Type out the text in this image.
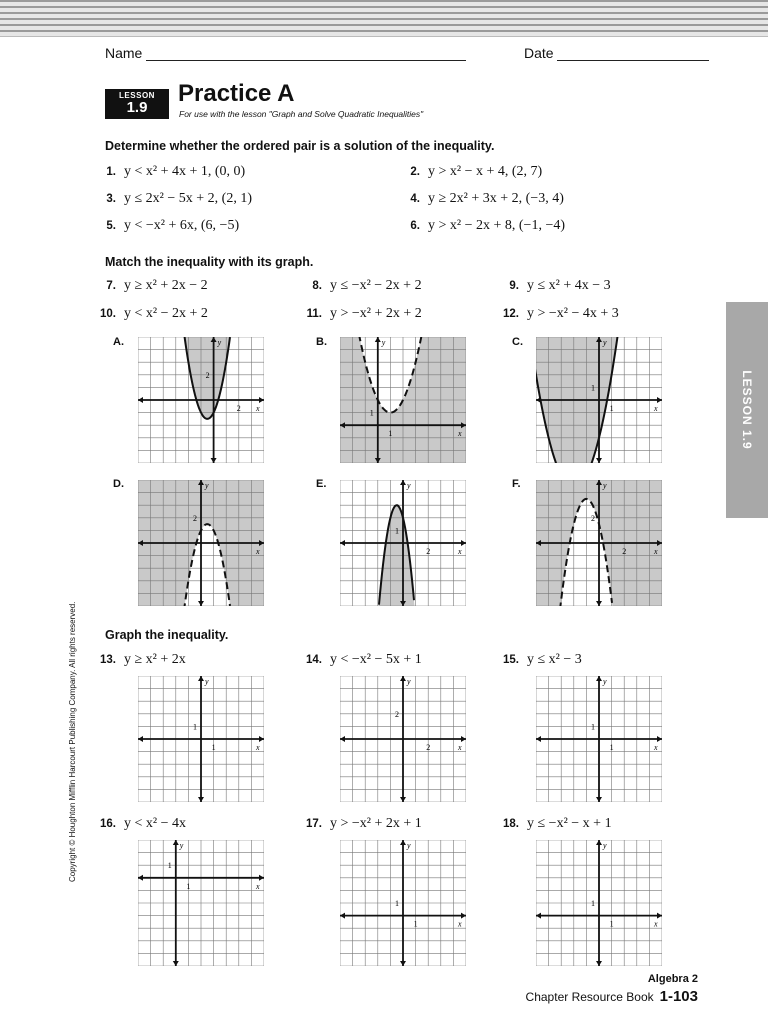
Name	Date
LESSON
1.9
Practice A
For use with the lesson "Graph and Solve Quadratic Inequalities"
Determine whether the ordered pair is a solution of the inequality.
Match the inequality with its graph.
Graph the inequality.
1. y < x² + 4x + 1, (0, 0)	2. y > x² − x + 4, (2, 7)
3. y ≤ 2x² − 5x + 2, (2, 1)	4. y ≥ 2x² + 3x + 2, (−3, 4)
5. y < −x² + 6x, (6, −5)	6. y > x² − 2x + 8, (−1, −4)
7. y ≥ x² + 2x − 2	8. y ≤ −x² − 2x + 2	9. y ≤ x² + 4x − 3
10. y < x² − 2x + 2	11. y > −x² + 2x + 2	12. y > −x² − 4x + 3
13. y ≥ x² + 2x	14. y < −x² − 5x + 1	15. y ≤ x² − 3
16. y < x² − 4x	17. y > −x² + 2x + 1	18. y ≤ −x² − x + 1
A.	B.	C.
D.	E.	F.
x
y
2
2
x
y
1
1
x
y
1
1
x
y
2
x
y
2
1
x
y
2
2
x
y
1
1
x
y
2
2
x
y
1
1
x
y
1
1
x
y
1
1
x
y
1
1
LESSON 1.9
Copyright © Houghton Mifflin Harcourt Publishing Company. All rights reserved.
Algebra 2
Chapter Resource Book 1-103
